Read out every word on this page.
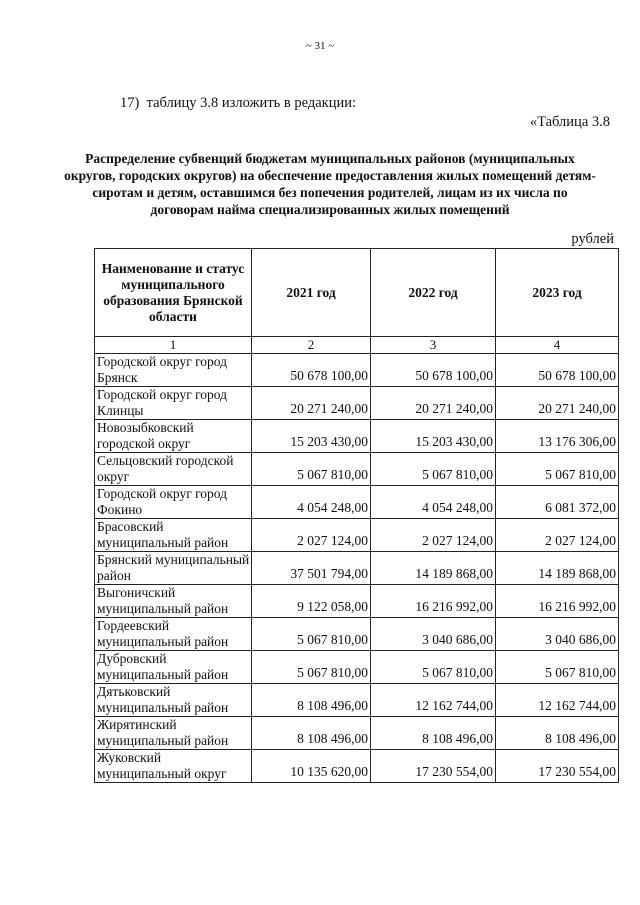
~ 31 ~
17)  таблицу 3.8 изложить в редакции:
«Таблица 3.8
Распределение субвенций бюджетам муниципальных районов (муниципальных округов, городских округов) на обеспечение предоставления жилых помещений детям-сиротам и детям, оставшимся без попечения родителей, лицам из их числа по договорам найма специализированных жилых помещений
рублей
Наименование и статус муниципального образования Брянской области	2021 год	2022 год	2023 год
1	2	3	4
Городской округ город Брянск	50 678 100,00	50 678 100,00	50 678 100,00
Городской округ город Клинцы	20 271 240,00	20 271 240,00	20 271 240,00
Новозыбковский городской округ	15 203 430,00	15 203 430,00	13 176 306,00
Сельцовский городской округ	5 067 810,00	5 067 810,00	5 067 810,00
Городской округ город Фокино	4 054 248,00	4 054 248,00	6 081 372,00
Брасовский муниципальный район	2 027 124,00	2 027 124,00	2 027 124,00
Брянский муниципальный район	37 501 794,00	14 189 868,00	14 189 868,00
Выгоничский муниципальный район	9 122 058,00	16 216 992,00	16 216 992,00
Гордеевский муниципальный район	5 067 810,00	3 040 686,00	3 040 686,00
Дубровский муниципальный район	5 067 810,00	5 067 810,00	5 067 810,00
Дятьковский муниципальный район	8 108 496,00	12 162 744,00	12 162 744,00
Жирятинский муниципальный район	8 108 496,00	8 108 496,00	8 108 496,00
Жуковский муниципальный округ	10 135 620,00	17 230 554,00	17 230 554,00
